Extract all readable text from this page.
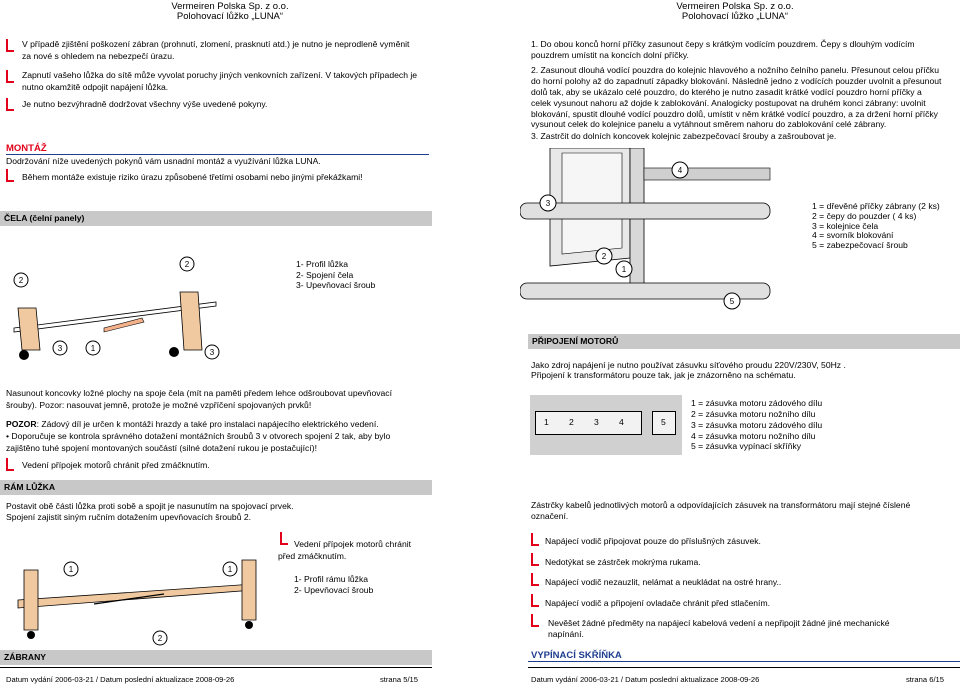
Vermeiren Polska Sp. z o.o.
Polohovací lůžko „LUNA“
V případě zjištění poškození zábran (prohnutí, zlomení, prasknutí atd.) je nutno je neprodleně vyměnit
za nové s ohledem na nebezpečí úrazu.
Zapnutí vašeho lůžka do sítě může vyvolat poruchy jiných venkovních zařízení. V takových případech je
nutno okamžitě odpojit napájení lůžka.
Je nutno bezvýhradně dodržovat všechny výše uvedené pokyny.
MONTÁŽ
Dodržování níže uvedených pokynů vám usnadní montáž a využívání lůžka LUNA.
Během montáže existuje riziko úrazu způsobené třetími osobami nebo jinými překážkami!
ČELA (čelní panely)
2
2
3
1
3
1- Profil lůžka
2- Spojení čela
3- Upevňovací šroub
Nasunout koncovky ložné plochy na spoje čela (mít na paměti předem lehce odšroubovat upevňovací
šrouby). Pozor: nasouvat jemně, protože je možné vzpříčení spojovaných prvků!
POZOR: Zádový díl je určen k montáži hrazdy a také pro instalaci napájecího elektrického vedení.
• Doporučuje se kontrola správného dotažení montážních šroubů 3 v otvorech spojení 2 tak, aby bylo
zajištěno tuhé spojení montovaných součástí (silné dotažení rukou je postačující)!
Vedení přípojek motorů chránit před zmáčknutím.
RÁM LŮŽKA
Postavit obě části lůžka proti sobě a spojit je nasunutím na spojovací prvek.
Spojení zajistit siným ručním dotažením upevňovacích šroubů 2.
1	1
2
Vedení přípojek motorů chránit
před zmáčknutím.
1- Profil rámu lůžka
2- Upevňovací šroub
ZÁBRANY
Datum vydání 2006-03-21 / Datum poslední aktualizace 2008-09-26	strana 5/15
Vermeiren Polska Sp. z o.o.
Polohovací lůžko „LUNA“
1. Do obou konců horní příčky zasunout čepy s krátkým vodícím pouzdrem. Čepy s dlouhým vodícím
pouzdrem umístit na koncích dolní příčky.
2. Zasunout dlouhá vodící pouzdra do kolejnic hlavového a nožního čelního panelu. Přesunout celou příčku
do horní polohy až do zapadnutí západky blokování. Následně jedno z vodících pouzder uvolnit a přesunout
dolů tak, aby se ukázalo celé pouzdro, do kterého je nutno zasadit krátké vodící pouzdro horní příčky a
celek vysunout nahoru až dojde k zablokování. Analogicky postupovat na druhém konci zábrany: uvolnit
blokování, spustit dlouhé vodící pouzdro dolů, umístit v něm krátké vodící pouzdro, a za držení horní příčky
vysunout celek do kolejnice panelu a vytáhnout směrem nahoru do zablokování celé zábrany.
3. Zastrčit do dolních koncovek kolejnic zabezpečovací šrouby a zašroubovat je.
4
3
2
1
5
1 = dřevěné příčky zábrany (2 ks)
2 = čepy do pouzder ( 4 ks)
3 = kolejnice čela
4 = svorník blokování
5 = zabezpečovací šroub
PŘIPOJENÍ MOTORŮ
Jako zdroj napájení je nutno používat zásuvku síťového proudu 220V/230V, 50Hz .
Připojení k transformátoru pouze tak, jak je znázorněno na schématu.
1 2 3 4	5
1 = zásuvka motoru zádového dílu
2 = zásuvka motoru nožního dílu
3 = zásuvka motoru zádového dílu
4 = zásuvka motoru nožního dílu
5 = zásuvka vypínací skříňky
Zástrčky kabelů jednotlivých motorů a odpovídajících zásuvek na transformátoru mají stejné číslené
označení.
Napájecí vodič připojovat pouze do příslušných zásuvek.
Nedotýkat se zástrček mokrýma rukama.
Napájecí vodič nezauzlit, nelámat a neukládat na ostré hrany..
Napájecí vodič a připojení ovladače chránit před stlačením.
Nevěšet žádné předměty na napájecí kabelová vedení a nepřipojit žádné jiné mechanické
napínání.
VYPÍNACÍ SKŘÍŇKA
Datum vydání 2006-03-21 / Datum poslední aktualizace 2008-09-26	strana 6/15
